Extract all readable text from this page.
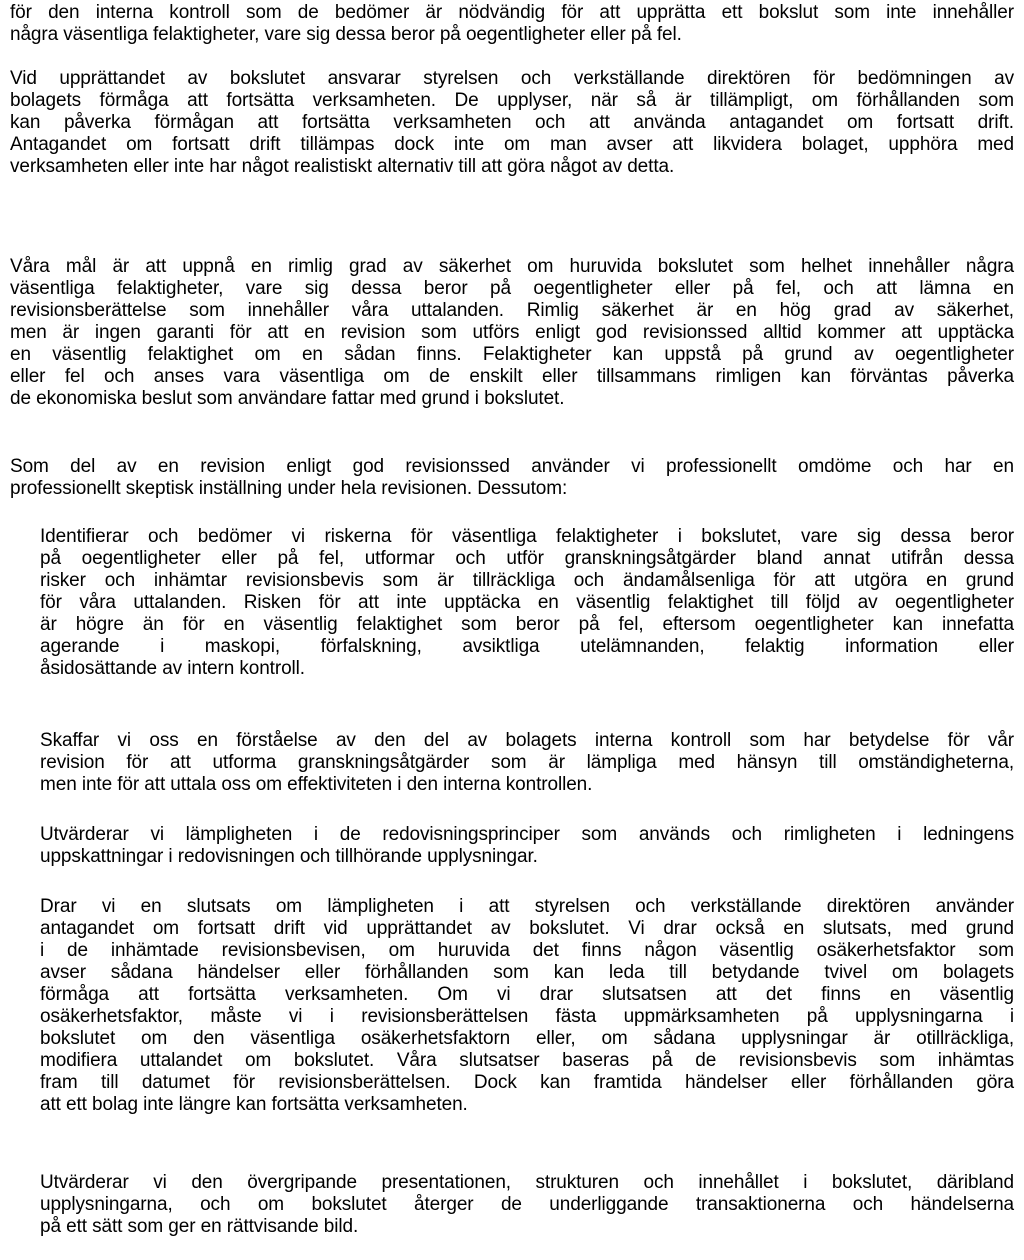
för den interna kontroll som de bedömer är nödvändig för att upprätta ett bokslut som inte innehåller
några väsentliga felaktigheter, vare sig dessa beror på oegentligheter eller på fel.
Vid upprättandet av bokslutet ansvarar styrelsen och verkställande direktören för bedömningen av
bolagets förmåga att fortsätta verksamheten. De upplyser, när så är tillämpligt, om förhållanden som
kan påverka förmågan att fortsätta verksamheten och att använda antagandet om fortsatt drift.
Antagandet om fortsatt drift tillämpas dock inte om man avser att likvidera bolaget, upphöra med
verksamheten eller inte har något realistiskt alternativ till att göra något av detta.
Våra mål är att uppnå en rimlig grad av säkerhet om huruvida bokslutet som helhet innehåller några
väsentliga felaktigheter, vare sig dessa beror på oegentligheter eller på fel, och att lämna en
revisionsberättelse som innehåller våra uttalanden. Rimlig säkerhet är en hög grad av säkerhet,
men är ingen garanti för att en revision som utförs enligt god revisionssed alltid kommer att upptäcka
en väsentlig felaktighet om en sådan finns. Felaktigheter kan uppstå på grund av oegentligheter
eller fel och anses vara väsentliga om de enskilt eller tillsammans rimligen kan förväntas påverka
de ekonomiska beslut som användare fattar med grund i bokslutet.
Som del av en revision enligt god revisionssed använder vi professionellt omdöme och har en
professionellt skeptisk inställning under hela revisionen. Dessutom:
Identifierar och bedömer vi riskerna för väsentliga felaktigheter i bokslutet, vare sig dessa beror
på oegentligheter eller på fel, utformar och utför granskningsåtgärder bland annat utifrån dessa
risker och inhämtar revisionsbevis som är tillräckliga och ändamålsenliga för att utgöra en grund
för våra uttalanden. Risken för att inte upptäcka en väsentlig felaktighet till följd av oegentligheter
är högre än för en väsentlig felaktighet som beror på fel, eftersom oegentligheter kan innefatta
agerande i maskopi, förfalskning, avsiktliga utelämnanden, felaktig information eller
åsidosättande av intern kontroll.
Skaffar vi oss en förståelse av den del av bolagets interna kontroll som har betydelse för vår
revision för att utforma granskningsåtgärder som är lämpliga med hänsyn till omständigheterna,
men inte för att uttala oss om effektiviteten i den interna kontrollen.
Utvärderar vi lämpligheten i de redovisningsprinciper som används och rimligheten i ledningens
uppskattningar i redovisningen och tillhörande upplysningar.
Drar vi en slutsats om lämpligheten i att styrelsen och verkställande direktören använder
antagandet om fortsatt drift vid upprättandet av bokslutet. Vi drar också en slutsats, med grund
i de inhämtade revisionsbevisen, om huruvida det finns någon väsentlig osäkerhetsfaktor som
avser sådana händelser eller förhållanden som kan leda till betydande tvivel om bolagets
förmåga att fortsätta verksamheten. Om vi drar slutsatsen att det finns en väsentlig
osäkerhetsfaktor, måste vi i revisionsberättelsen fästa uppmärksamheten på upplysningarna i
bokslutet om den väsentliga osäkerhetsfaktorn eller, om sådana upplysningar är otillräckliga,
modifiera uttalandet om bokslutet. Våra slutsatser baseras på de revisionsbevis som inhämtas
fram till datumet för revisionsberättelsen. Dock kan framtida händelser eller förhållanden göra
att ett bolag inte längre kan fortsätta verksamheten.
Utvärderar vi den övergripande presentationen, strukturen och innehållet i bokslutet, däribland
upplysningarna, och om bokslutet återger de underliggande transaktionerna och händelserna
på ett sätt som ger en rättvisande bild.
